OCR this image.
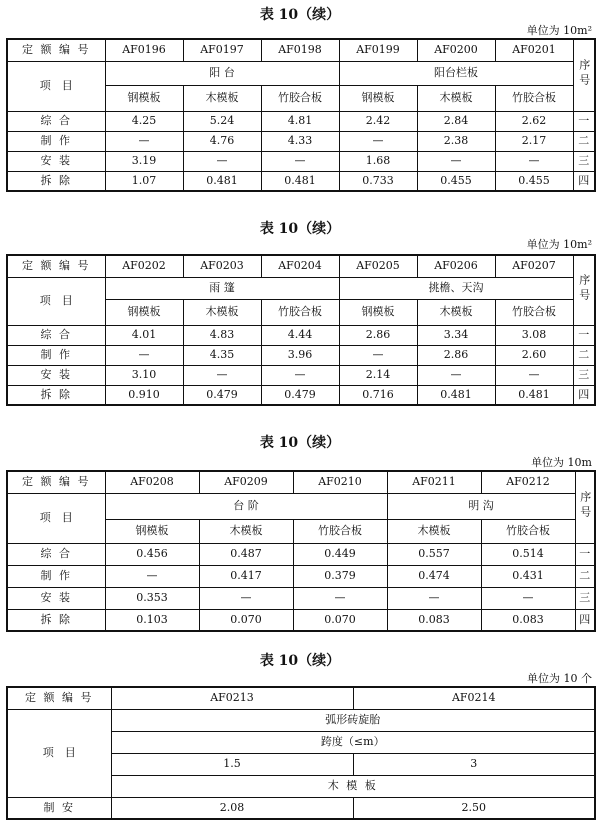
表 10（续）
单位为 10m²
定 额 编 号	AF0196	AF0197	AF0198	AF0199	AF0200	AF0201	序号
项　目	阳 台			阳台栏板			
	钢模板	木模板	竹胶合板	钢模板	木模板	竹胶合板	
综 合	4.25	5.24	4.81	2.42	2.84	2.62	一
制 作	—	4.76	4.33	—	2.38	2.17	二
安 装	3.19	—	—	1.68	—	—	三
拆 除	1.07	0.481	0.481	0.733	0.455	0.455	四
表 10（续）
单位为 10m²
定 额 编 号	AF0202	AF0203	AF0204	AF0205	AF0206	AF0207	序号
项　目	雨 篷			挑檐、天沟			
	钢模板	木模板	竹胶合板	钢模板	木模板	竹胶合板	
综 合	4.01	4.83	4.44	2.86	3.34	3.08	一
制 作	—	4.35	3.96	—	2.86	2.60	二
安 装	3.10	—	—	2.14	—	—	三
拆 除	0.910	0.479	0.479	0.716	0.481	0.481	四
表 10（续）
单位为 10m
定 额 编 号	AF0208	AF0209	AF0210	AF0211	AF0212	序号
项　目	台 阶			明 沟		
	钢模板	木模板	竹胶合板	木模板	竹胶合板	
综 合	0.456	0.487	0.449	0.557	0.514	一
制 作	—	0.417	0.379	0.474	0.431	二
安 装	0.353	—	—	—	—	三
拆 除	0.103	0.070	0.070	0.083	0.083	四
表 10（续）
单位为 10 个
定 额 编 号	AF0213	AF0214
项　目	弧形砖旋胎	
	跨度（≤m）	
	1.5	3
	木 模 板	
制 安	2.08	2.50
